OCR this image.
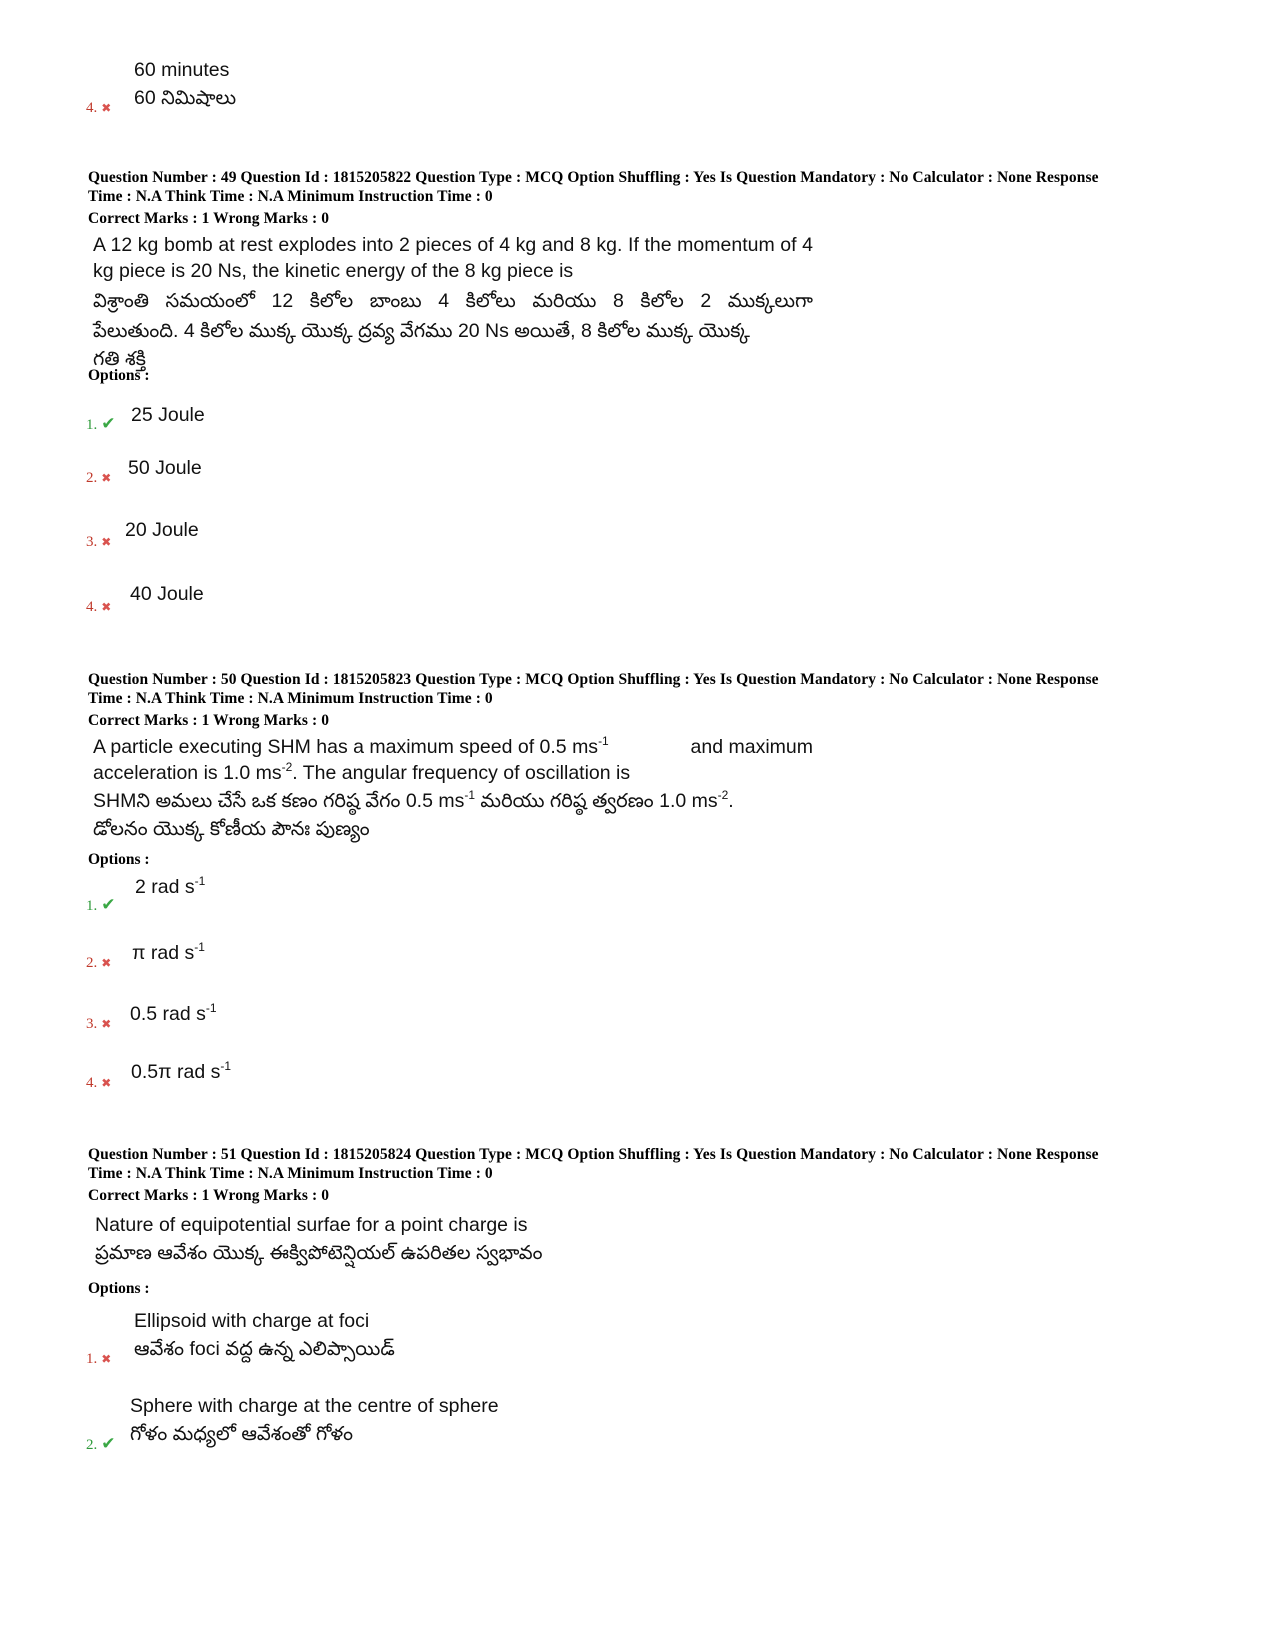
60 minutes
60 నిమిషాలు
4. ✖
Question Number : 49 Question Id : 1815205822 Question Type : MCQ Option Shuffling : Yes Is Question Mandatory : No Calculator : None Response
Time : N.A Think Time : N.A Minimum Instruction Time : 0
Correct Marks : 1 Wrong Marks : 0
A 12 kg bomb at rest explodes into 2 pieces of 4 kg and 8 kg. If the momentum of 4
kg piece is 20 Ns, the kinetic energy of the 8 kg piece is
విశ్రాంతి సమయంలో 12 కిలోల బాంబు 4 కిలోలు మరియు 8 కిలోల 2 ముక్కలుగా
పేలుతుంది. 4 కిలోల ముక్క యొక్క ద్రవ్య వేగము 20 Ns అయితే, 8 కిలోల ముక్క యొక్క
గతి శక్తి
Options :
1. ✔ 25 Joule
2. ✖ 50 Joule
3. ✖
20 Joule
4. ✖
40 Joule
Question Number : 50 Question Id : 1815205823 Question Type : MCQ Option Shuffling : Yes Is Question Mandatory : No Calculator : None Response
Time : N.A Think Time : N.A Minimum Instruction Time : 0
Correct Marks : 1 Wrong Marks : 0
A particle executing SHM has a maximum speed of 0.5 $ms^{-1}$	and maximum
acceleration is 1.0 $ms^{-2}$. The angular frequency of oscillation is
SHMని అమలు చేసే ఒక కణం గరిష్ఠ వేగం 0.5 $ms^{-1}$ మరియు గరిష్ఠ త్వరణం 1.0 $ms^{-2}$.
డోలనం యొక్క కోణీయ పౌనః పుణ్యం
Options :
1. ✔
2 rad $s^{-1}$
2. ✖ π rad $s^{-1}$
3. ✖ 0.5 rad $s^{-1}$
4. ✖ 0.5π rad $s^{-1}$
Question Number : 51 Question Id : 1815205824 Question Type : MCQ Option Shuffling : Yes Is Question Mandatory : No Calculator : None Response
Time : N.A Think Time : N.A Minimum Instruction Time : 0
Correct Marks : 1 Wrong Marks : 0
Nature of equipotential surfae for a point charge is
ప్రమాణ ఆవేశం యొక్క ఈక్విపోటెన్షియల్ ఉపరితల స్వభావం
Options :
Ellipsoid with charge at foci
ఆవేశం foci వద్ద ఉన్న ఎలిప్సాయిడ్
1. ✖
Sphere with charge at the centre of sphere
గోళం మధ్యలో ఆవేశంతో గోళం
2. ✔
